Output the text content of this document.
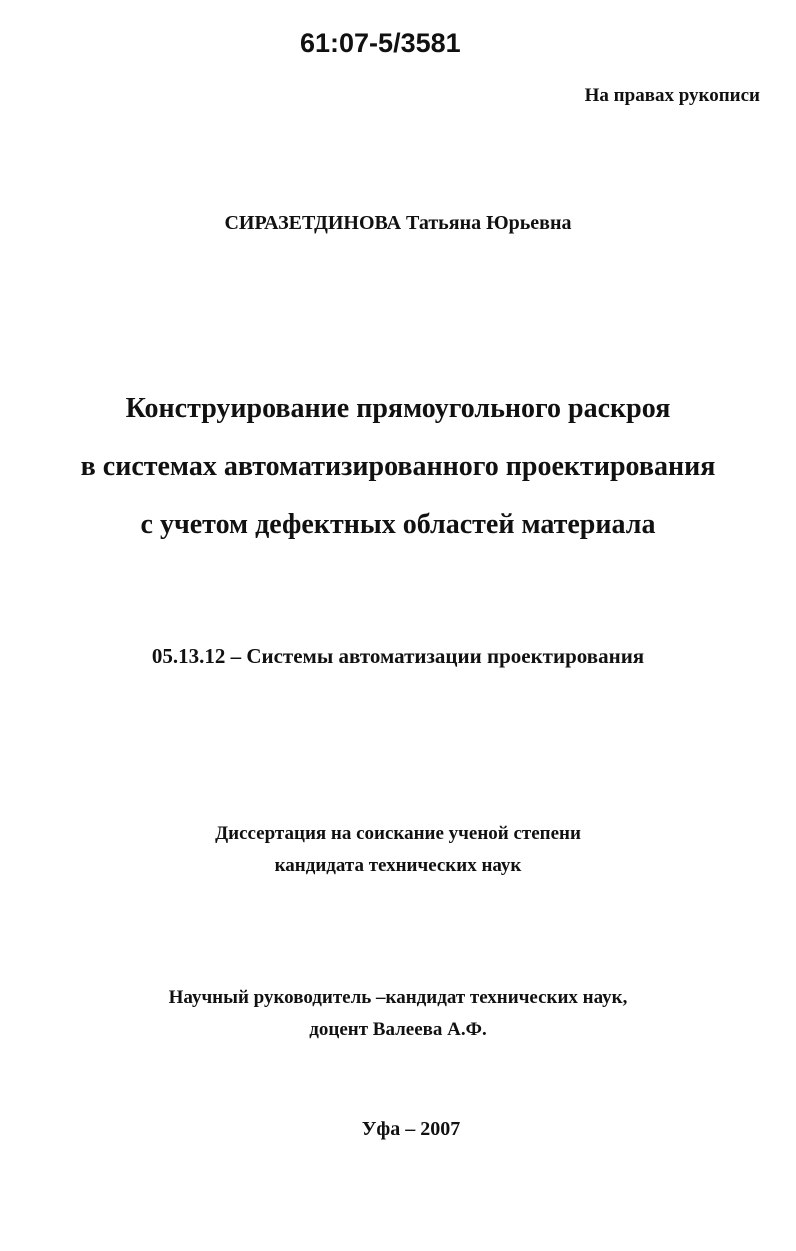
61:07-5/3581
На правах рукописи
СИРАЗЕТДИНОВА Татьяна Юрьевна
Конструирование прямоугольного раскроя
в системах автоматизированного проектирования
с учетом дефектных областей материала
05.13.12 – Системы автоматизации проектирования
Диссертация на соискание ученой степени
кандидата технических наук
Научный руководитель –кандидат технических наук,
доцент Валеева А.Ф.
Уфа – 2007
